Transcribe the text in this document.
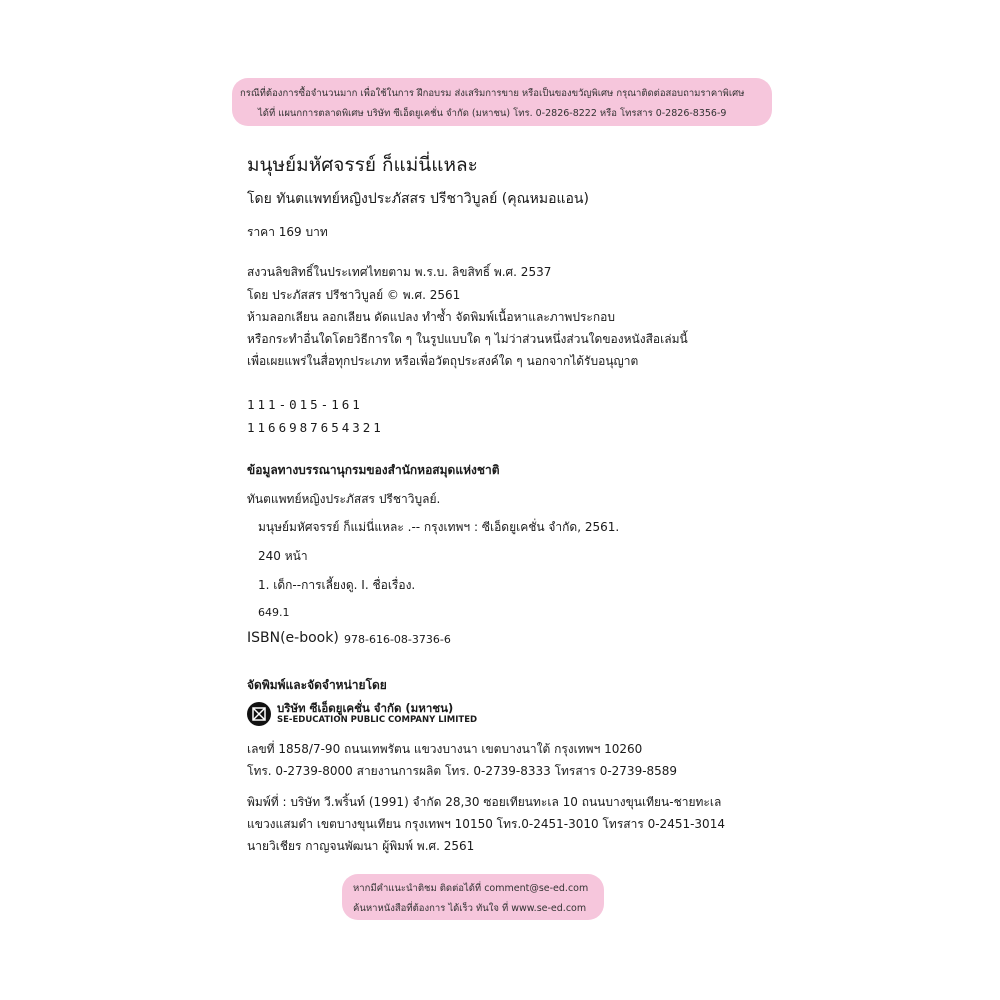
กรณีที่ต้องการซื้อจำนวนมาก เพื่อใช้ในการ ฝึกอบรม ส่งเสริมการขาย หรือเป็นของขวัญพิเศษ กรุณาติดต่อสอบถามราคาพิเศษ
ได้ที่ แผนกการตลาดพิเศษ บริษัท ซีเอ็ดยูเคชั่น จำกัด (มหาชน) โทร. 0-2826-8222 หรือ โทรสาร 0-2826-8356-9
มนุษย์มหัศจรรย์ ก็แม่นี่แหละ
โดย ทันตแพทย์หญิงประภัสสร ปรีชาวิบูลย์ (คุณหมอแอน)
ราคา 169 บาท
สงวนลิขสิทธิ์ในประเทศไทยตาม พ.ร.บ. ลิขสิทธิ์ พ.ศ. 2537
โดย ประภัสสร ปรีชาวิบูลย์ © พ.ศ. 2561
ห้ามลอกเลียน ลอกเลียน ดัดแปลง ทำซ้ำ จัดพิมพ์เนื้อหาและภาพประกอบ
หรือกระทำอื่นใดโดยวิธีการใด ๆ ในรูปแบบใด ๆ ไม่ว่าส่วนหนึ่งส่วนใดของหนังสือเล่มนี้
เพื่อเผยแพร่ในสื่อทุกประเภท หรือเพื่อวัตถุประสงค์ใด ๆ นอกจากได้รับอนุญาต
111-015-161
1166987654321
ข้อมูลทางบรรณานุกรมของสำนักหอสมุดแห่งชาติ
ทันตแพทย์หญิงประภัสสร ปรีชาวิบูลย์.
มนุษย์มหัศจรรย์ ก็แม่นี่แหละ .-- กรุงเทพฯ : ซีเอ็ดยูเคชั่น จำกัด, 2561.
240 หน้า
1. เด็ก--การเลี้ยงดู. I. ชื่อเรื่อง.
649.1
ISBN(e-book) 978-616-08-3736-6
จัดพิมพ์และจัดจำหน่ายโดย
บริษัท ซีเอ็ดยูเคชั่น จำกัด (มหาชน)
SE-EDUCATION PUBLIC COMPANY LIMITED
เลขที่ 1858/7-90 ถนนเทพรัตน แขวงบางนา เขตบางนาใต้ กรุงเทพฯ 10260
โทร. 0-2739-8000 สายงานการผลิต โทร. 0-2739-8333 โทรสาร 0-2739-8589
พิมพ์ที่ : บริษัท วี.พริ้นท์ (1991) จำกัด 28,30 ซอยเทียนทะเล 10 ถนนบางขุนเทียน-ชายทะเล
แขวงแสมดำ เขตบางขุนเทียน กรุงเทพฯ 10150 โทร.0-2451-3010 โทรสาร 0-2451-3014
นายวิเชียร กาญจนพัฒนา ผู้พิมพ์ พ.ศ. 2561
หากมีคำแนะนำติชม ติดต่อได้ที่ comment@se-ed.com
ค้นหาหนังสือที่ต้องการ ได้เร็ว ทันใจ ที่ www.se-ed.com
